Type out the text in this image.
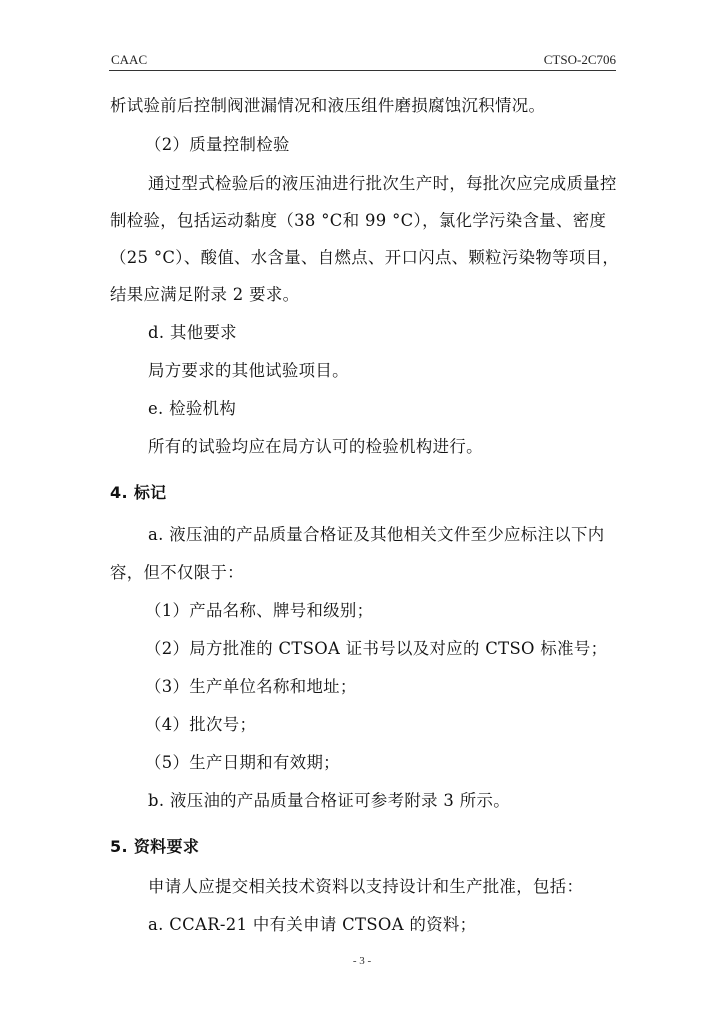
CAAC	CTSO-2C706
析试验前后控制阀泄漏情况和液压组件磨损腐蚀沉积情况。
（2）质量控制检验
通过型式检验后的液压油进行批次生产时，每批次应完成质量控
制检验，包括运动黏度（38 °C和 99 °C），氯化学污染含量、密度
（25 °C）、酸值、水含量、自燃点、开口闪点、颗粒污染物等项目，
结果应满足附录 2 要求。
d. 其他要求
局方要求的其他试验项目。
e. 检验机构
所有的试验均应在局方认可的检验机构进行。
4. 标记
a. 液压油的产品质量合格证及其他相关文件至少应标注以下内
容，但不仅限于：
（1）产品名称、牌号和级别；
（2）局方批准的 CTSOA 证书号以及对应的 CTSO 标准号；
（3）生产单位名称和地址；
（4）批次号；
（5）生产日期和有效期；
b. 液压油的产品质量合格证可参考附录 3 所示。
5. 资料要求
申请人应提交相关技术资料以支持设计和生产批准，包括：
a. CCAR-21 中有关申请 CTSOA 的资料；
- 3 -
